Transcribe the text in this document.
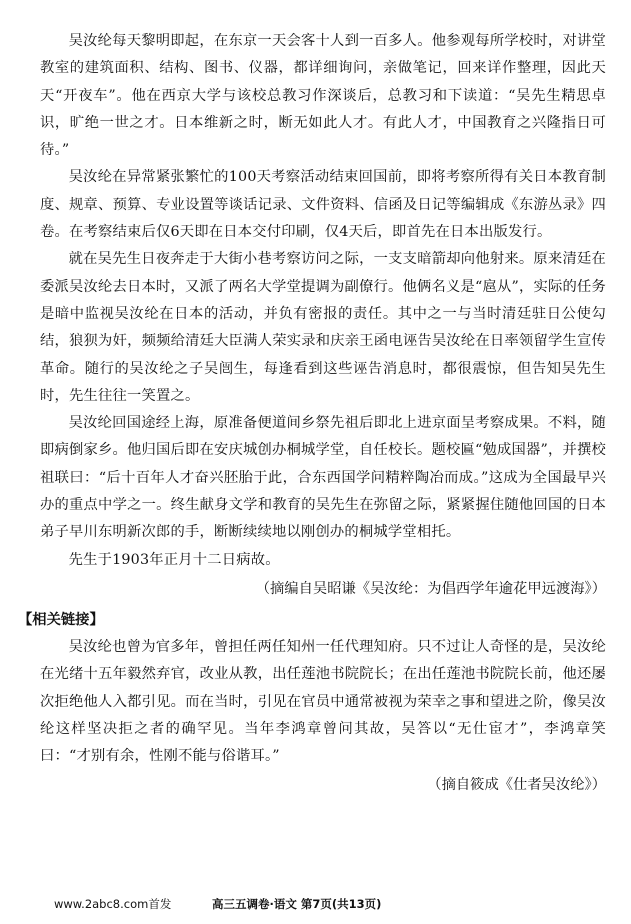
吴汝纶每天黎明即起，在东京一天会客十人到一百多人。他参观每所学校时，对讲堂教室的建筑面积、结构、图书、仪器，都详细询问，亲做笔记，回来详作整理，因此天天“开夜车”。他在西京大学与该校总教习作深谈后，总教习和下读道：“吴先生精思卓识，旷绝一世之才。日本维新之时，断无如此人才。有此人才，中国教育之兴隆指日可待。”

吴汝纶在异常紧张繁忙的100天考察活动结束回国前，即将考察所得有关日本教育制度、规章、预算、专业设置等谈话记录、文件资料、信函及日记等编辑成《东游丛录》四卷。在考察结束后仅6天即在日本交付印刷，仅4天后，即首先在日本出版发行。

就在吴先生日夜奔走于大街小巷考察访问之际，一支支暗箭却向他射来。原来清廷在委派吴汝纶去日本时，又派了两名大学堂提调为副僚行。他俩名义是“扈从”，实际的任务是暗中监视吴汝纶在日本的活动，并负有密报的责任。其中之一与当时清廷驻日公使勾结，狼狈为奸，频频给清廷大臣满人荣实录和庆亲王函电诬告吴汝纶在日率领留学生宣传革命。随行的吴汝纶之子吴闿生，每逢看到这些诬告消息时，都很震惊，但告知吴先生时，先生往往一笑置之。

吴汝纶回国途经上海，原准备便道间乡祭先祖后即北上进京面呈考察成果。不料，随即病倒家乡。他归国后即在安庆城创办桐城学堂，自任校长。题校匾“勉成国器”，并撰校祖联曰：“后十百年人才奋兴胚胎于此，合东西国学问精粹陶冶而成。”这成为全国最早兴办的重点中学之一。终生献身文学和教育的吴先生在弥留之际，紧紧握住随他回国的日本弟子早川东明新次郎的手，断断续续地以刚创办的桐城学堂相托。

先生于1903年正月十二日病故。

（摘编自吴昭谦《吴汝纶：为倡西学年逾花甲远渡海》）

【相关链接】

吴汝纶也曾为官多年，曾担任两任知州一任代理知府。只不过让人奇怪的是，吴汝纶在光绪十五年毅然弃官，改业从教，出任莲池书院院长；在出任莲池书院院长前，他还屡次拒绝他人入都引见。而在当时，引见在官员中通常被视为荣幸之事和望进之阶，像吴汝纶这样坚决拒之者的确罕见。当年李鸿章曾问其故，吴答以“无仕宦才”，李鸿章笑曰：“才别有余，性刚不能与俗谐耳。”

（摘自筱成《仕者吴汝纶》）

www.2abc8.com首发	高三五调卷·语文 第7页(共13页)
